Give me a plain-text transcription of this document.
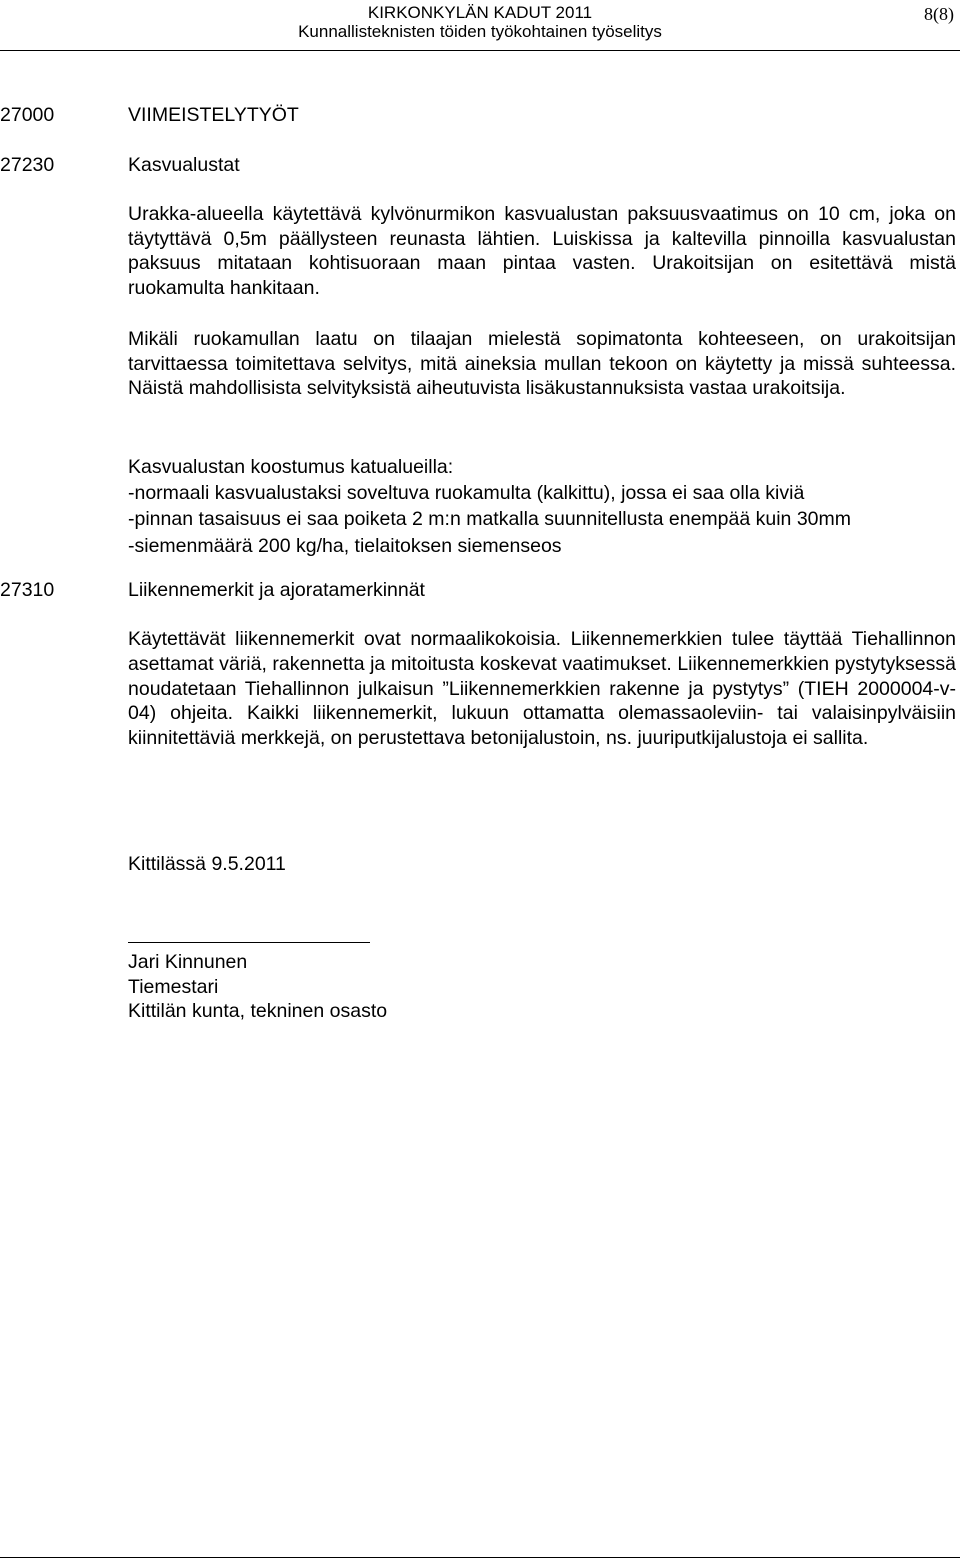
KIRKONKYLÄN KADUT 2011
Kunnallisteknisten töiden työkohtainen työselitys
8(8)
27000	VIIMEISTELYTYÖT
27230	Kasvualustat

Urakka-alueella käytettävä kylvönurmikon kasvualustan paksuusvaatimus on 10 cm, joka on täytyttävä 0,5m päällysteen reunasta lähtien. Luiskissa ja kaltevilla pinnoilla kasvualustan paksuus mitataan kohtisuoraan maan pintaa vasten. Urakoitsijan on esitettävä mistä ruokamulta hankitaan.

Mikäli ruokamullan laatu on tilaajan mielestä sopimatonta kohteeseen, on urakoitsijan tarvittaessa toimitettava selvitys, mitä aineksia mullan tekoon on käytetty ja missä suhteessa. Näistä mahdollisista selvityksistä aiheutuvista lisäkustannuksista vastaa urakoitsija.

Kasvualustan koostumus katualueilla:
-normaali kasvualustaksi soveltuva ruokamulta (kalkittu), jossa ei saa olla kiviä
-pinnan tasaisuus ei saa poiketa 2 m:n matkalla suunnitellusta enempää kuin 30mm
-siemenmäärä 200 kg/ha, tielaitoksen siemenseos
27310	Liikennemerkit ja ajoratamerkinnät

Käytettävät liikennemerkit ovat normaalikokoisia. Liikennemerkkien tulee täyttää Tiehallinnon asettamat väriä, rakennetta ja mitoitusta koskevat vaatimukset. Liikennemerkkien pystytyksessä noudatetaan Tiehallinnon julkaisun ”Liikennemerkkien rakenne ja pystytys” (TIEH 2000004-v-04) ohjeita. Kaikki liikennemerkit, lukuun ottamatta olemassaoleviin- tai valaisinpylväisiin kiinnitettäviä merkkejä, on perustettava betonijalustoin, ns. juuriputkijalustoja ei sallita.

Kittilässä 9.5.2011
Jari Kinnunen
Tiemestari
Kittilän kunta, tekninen osasto
